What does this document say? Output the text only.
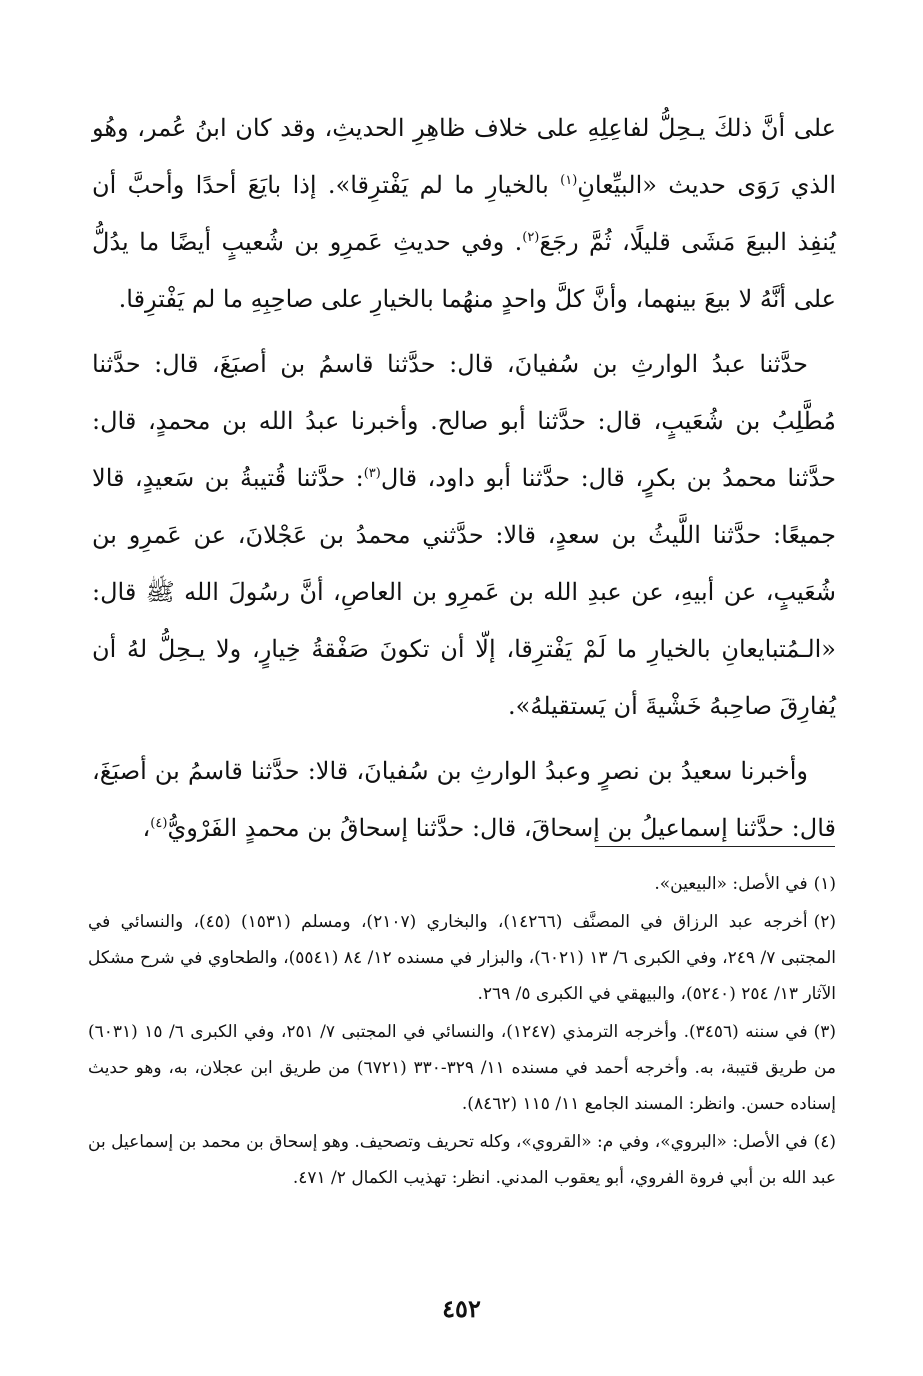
على أنَّ ذلكَ يـحِلُّ لفاعِلِهِ على خلاف ظاهِرِ الحديثِ، وقد كان ابنُ عُمر، وهُو الذي رَوَى حديث «البيِّعانِ$^{(١)}$ بالخيارِ ما لم يَفْترِقا». إذا بايَعَ أحدًا وأحبَّ أن يُنفِذ البيعَ مَشَى قليلًا، ثُمَّ رجَعَ$^{(٢)}$. وفي حديثِ عَمرِو بن شُعيبٍ أيضًا ما يدُلُّ على أنَّهُ لا بيعَ بينهما، وأنَّ كلَّ واحدٍ منهُما بالخيارِ على صاحِبِهِ ما لم يَفْترِقا.

حدَّثنا عبدُ الوارثِ بن سُفيانَ، قال: حدَّثنا قاسمُ بن أصبَغَ، قال: حدَّثنا مُطَّلِبُ بن شُعَيبٍ، قال: حدَّثنا أبو صالح. وأخبرنا عبدُ الله بن محمدٍ، قال: حدَّثنا محمدُ بن بكرٍ، قال: حدَّثنا أبو داود، قال$^{(٣)}$: حدَّثنا قُتيبةُ بن سَعيدٍ، قالا جميعًا: حدَّثنا اللَّيثُ بن سعدٍ، قالا: حدَّثني محمدُ بن عَجْلانَ، عن عَمرِو بن شُعَيبٍ، عن أبيهِ، عن عبدِ الله بن عَمرِو بن العاصِ، أنَّ رسُولَ الله ﷺ قال: «الـمُتبايعانِ بالخيارِ ما لَمْ يَفْترِقا، إلّا أن تكونَ صَفْقةُ خِيارٍ، ولا يـحِلُّ لهُ أن يُفارِقَ صاحِبهُ خَشْيةَ أن يَستقيلهُ».

وأخبرنا سعيدُ بن نصرٍ وعبدُ الوارثِ بن سُفيانَ، قالا: حدَّثنا قاسمُ بن أصبَغَ، قال: حدَّثنا إسماعيلُ بن إسحاقَ، قال: حدَّثنا إسحاقُ بن محمدٍ الفَرْويُّ$^{(٤)}$،

(١)في الأصل: «البيعين».

(٢)أخرجه عبد الرزاق في المصنَّف (١٤٢٦٦)، والبخاري (٢١٠٧)، ومسلم (١٥٣١) (٤٥)، والنسائي في المجتبى ٧/ ٢٤٩، وفي الكبرى ٦/ ١٣ (٦٠٢١)، والبزار في مسنده ١٢/ ٨٤ (٥٥٤١)، والطحاوي في شرح مشكل الآثار ١٣/ ٢٥٤ (٥٢٤٠)، والبيهقي في الكبرى ٥/ ٢٦٩.

(٣)في سننه (٣٤٥٦). وأخرجه الترمذي (١٢٤٧)، والنسائي في المجتبى ٧/ ٢٥١، وفي الكبرى ٦/ ١٥ (٦٠٣١) من طريق قتيبة، به. وأخرجه أحمد في مسنده ١١/ ٣٢٩-٣٣٠ (٦٧٢١) من طريق ابن عجلان، به، وهو حديث إسناده حسن. وانظر: المسند الجامع ١١/ ١١٥ (٨٤٦٢).

(٤)في الأصل: «البروي»، وفي م: «القروي»، وكله تحريف وتصحيف. وهو إسحاق بن محمد بن إسماعيل بن عبد الله بن أبي فروة الفروي، أبو يعقوب المدني. انظر: تهذيب الكمال ٢/ ٤٧١.

٤٥٢
